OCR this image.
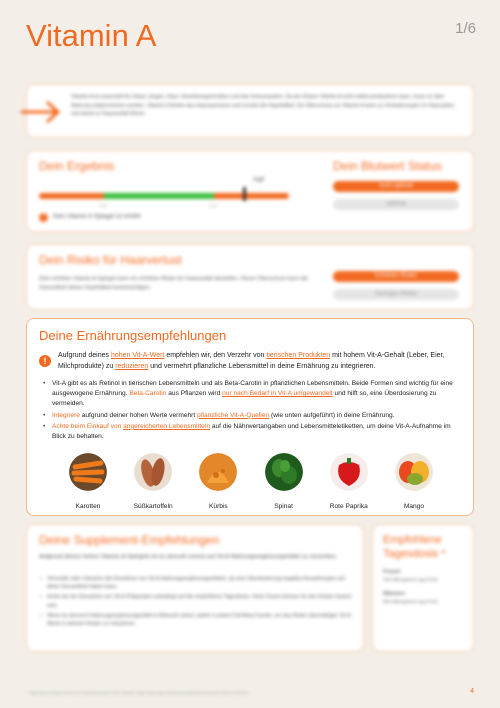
Vitamin A	1/6
Vitamin A ist essenziell für Haare, Augen, Haut, Geweberegeneration und das Immunsystem. Da der Körper Vitamin A nicht selbst produzieren kann, muss es über Nahrung aufgenommen werden. Vitamin A fördert das Haarwachstum und schützt die Haarfollikel. Ein Überschuss an Vitamin A kann zu Veränderungen im Haarzyklus und damit zu Haarausfall führen.
Dein Ergebnis
mg/l
0,30	0,70
!	Dein Vitamin A-Spiegel ist erhöht
Dein Blutwert Status
nicht optimal
optimal
Dein Risiko für Haarverlust
Dein erhöhter Vitamin A-Spiegel kann ein erhöhtes Risiko für Haarausfall darstellen. Dieser Überschuss kann die Gesundheit deiner Haarfollikel beeinträchtigen.
Erhöhtes Risiko
Geringes Risiko
Deine Ernährungsempfehlungen
!
Aufgrund deines hohen Vit-A-Wert empfehlen wir, den Verzehr von tierischen Produkten mit hohem Vit-A-Gehalt (Leber, Eier, Milchprodukte) zu reduzieren und vermehrt pflanzliche Lebensmittel in deine Ernährung zu integrieren.
• Vit-A gibt es als Retinol in tierischen Lebensmitteln und als Beta-Carotin in pflanzlichen Lebensmitteln. Beide Formen sind wichtig für eine ausgewogene Ernährung. Beta-Carotin aus Pflanzen wird nur nach Bedarf in Vit-A umgewandelt und hilft so, eine Überdosierung zu vermeiden.
• Integriere aufgrund deiner hohen Werte vermehrt pflanzliche Vit-A-Quellen (wie unten aufgeführt) in deine Ernährung.
• Achte beim Einkauf von angereicherten Lebensmitteln auf die Nährwertangaben und Lebensmitteletiketten, um deine Vit-A-Aufnahme im Blick zu behalten.
Karotten	Süßkartoffeln	Kürbis	Spinat	Rote Paprika	Mango
Deine Supplement-Empfehlungen
Aufgrund deines hohen Vitamin-A-Spiegels ist es sinnvoll vorerst auf Vit-A-Nahrungsergänzungsmittel zu verzichten.
• Vermeide oder reduziere die Einnahme von Vit-A-Nahrungsergänzungsmitteln, da eine Überdosierung negative Auswirkungen auf deine Gesundheit haben kann.
• Achte bei der Einnahme von Vit-A-Präparaten unbedingt auf die empfohlene Tagesdosis. Hohe Dosen können für den Körper toxisch sein.
• Wenn du dennoch Nahrungsergänzungsmittel in Betracht ziehst, wähle in jedem Fall Beta-Carotin, um das Risiko übermäßiger Vit-A-Werte in deinem Körper zu reduzieren.
Empfohlene Tagesdosis *
Frauen
700 Mikrogramm (µg RAE)
Männern
900 Mikrogramm (µg RAE)
* Tagesdosis entsprechend der Empfehlung der DGE. Quelle: https://www.dge.de/wissenschaft/referenzwerte/ Stand: 07/2024	4
